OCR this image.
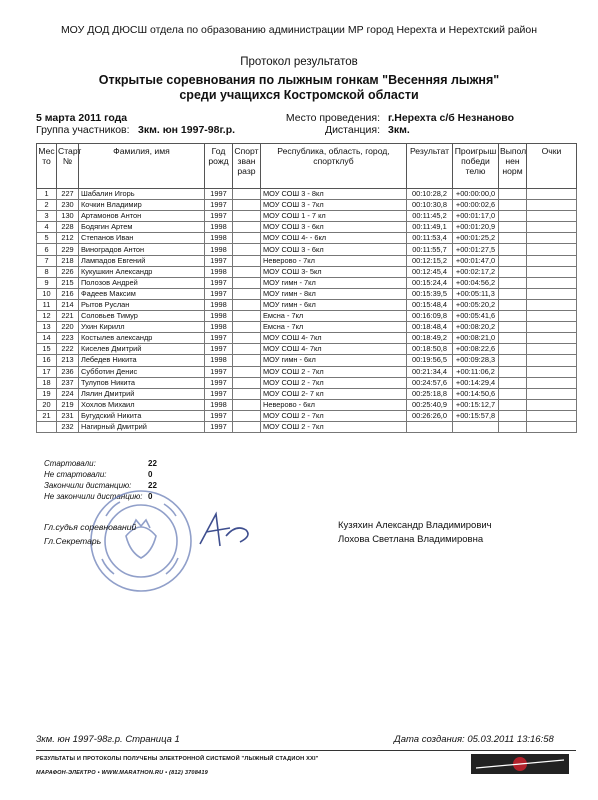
МОУ ДОД ДЮСШ отдела по образованию администрации МР город Нерехта и Нерехтский район
Протокол результатов
Открытые соревнования по лыжным гонкам "Весенняя лыжня"
среди учащихся Костромской области
5 марта 2011 года
Группа участников: 3км. юн 1997-98г.р.
Место проведения: г.Нерехта с/б Незнаново
Дистанция: 3км.
Мес то	Старт №	Фамилия, имя	Год рожд	Спорт зван разр	Республика, область, город, спортклуб	Результат	Проигрыш победи телю	Выпол нен норм	Очки
1	227	Шабалин Игорь	1997		МОУ СОШ 3 - 8кл	00:10:28,2	+00:00:00,0		
2	230	Кочкин Владимир	1997		МОУ СОШ 3 - 7кл	00:10:30,8	+00:00:02,6		
3	130	Артамонов Антон	1997		МОУ СОШ 1 - 7 кл	00:11:45,2	+00:01:17,0		
4	228	Бодягин Артем	1998		МОУ СОШ 3 - 6кл	00:11:49,1	+00:01:20,9		
5	212	Степанов Иван	1998		МОУ СОШ 4- - 6кл	00:11:53,4	+00:01:25,2		
6	229	Виноградов Антон	1998		МОУ СОШ 3 - 6кл	00:11:55,7	+00:01:27,5		
7	218	Лампадов Евгений	1997		Неверово - 7кл	00:12:15,2	+00:01:47,0		
8	226	Кукушкин Александр	1998		МОУ СОШ 3- 5кл	00:12:45,4	+00:02:17,2		
9	215	Полозов Андрей	1997		МОУ гимн - 7кл	00:15:24,4	+00:04:56,2		
10	216	Фадеев Максим	1997		МОУ гимн - 8кл	00:15:39,5	+00:05:11,3		
11	214	Рытов Руслан	1998		МОУ гимн - 6кл	00:15:48,4	+00:05:20,2		
12	221	Соловьев Тимур	1998		Емсна - 7кл	00:16:09,8	+00:05:41,6		
13	220	Ухин Кирилл	1998		Емсна - 7кл	00:18:48,4	+00:08:20,2		
14	223	Костылев александр	1997		МОУ СОШ 4- 7кл	00:18:49,2	+00:08:21,0		
15	222	Киселев Дмитрий	1997		МОУ СОШ 4- 7кл	00:18:50,8	+00:08:22,6		
16	213	Лебедев Никита	1998		МОУ гимн - 6кл	00:19:56,5	+00:09:28,3		
17	236	Субботин Денис	1997		МОУ СОШ 2 - 7кл	00:21:34,4	+00:11:06,2		
18	237	Тулупов Никита	1997		МОУ СОШ 2 - 7кл	00:24:57,6	+00:14:29,4		
19	224	Лялин Дмитрий	1997		МОУ СОШ 2- 7 кл	00:25:18,8	+00:14:50,6		
20	219	Хохлов Михаил	1998		Неверово - 6кл	00:25:40,9	+00:15:12,7		
21	231	Бугудский Никита	1997		МОУ СОШ 2 - 7кл	00:26:26,0	+00:15:57,8		
	232	Нагирный Дмитрий	1997		МОУ СОШ 2 - 7кл				
Стартовали:	22
Не стартовали:	0
Закончили дистанцию: 22
Не закончили дистанцию: 0
Гл.судья соревнований
Гл.Секретарь
Кузяхин Александр Владимирович
Лохова Светлана Владимировна
3км. юн 1997-98г.р. Страница 1	Дата создания: 05.03.2011 13:16:58
РЕЗУЛЬТАТЫ И ПРОТОКОЛЫ ПОЛУЧЕНЫ ЭЛЕКТРОННОЙ СИСТЕМОЙ "ЛЫЖНЫЙ СТАДИОН XXI"
МАРАФОН-ЭЛЕКТРО • WWW.MARATHON.RU • (812) 3708419
